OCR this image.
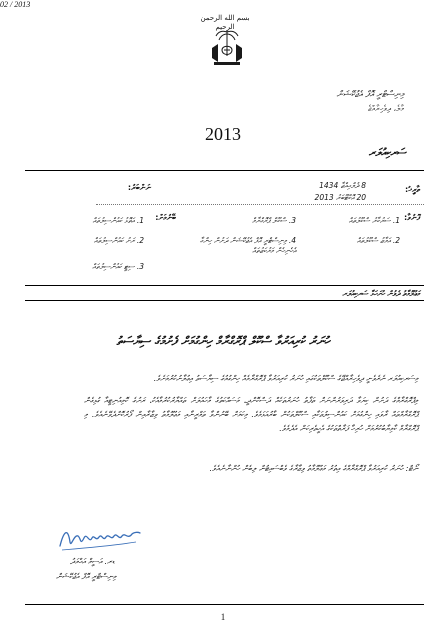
بسم الله الرحمن الرحيم
މިނިސްޓްރީ އޮފް އެޖުކޭޝަން
މާލެ، ދިވެހިރާއްޖެ
2013
ސަރކިއުލަރ
ތާރީޚު:
8 ޛުލްޙިއްޖާ 1434
20 އޮކްޓޫބަރު 2013
ނަންބަރު:
02 / 2013
ފޮނުވާ:
1. ސަރުކާރު ސްކޫލުތައް
2. އަމާޒު ސްކޫލުތައް
3. ސްކޫލް ޕްރޮގްރާމް
4. މިނިސްޓްރީ އޮފް އެޖުކޭޝަން ދަށުން ހިންގާ އެހެނިހެން މަރުކަޒުތައް
ބޭނުމަށް:
1. އަތޮޅު ކައުންސިލުތައް
2. ރަށު ކައުންސިލުތައް
3. ސިޓީ ކައުންސިލުތައް
މަޢުލޫމާތު ދެވުން ހުށަހަޅާ ސަރކިއުލަރ
ހުނަރު ކުރިއަރުވާ ސްކޫލް ޕްރޮގްރާމް ހިންގުމަށް ފެށުމުގެ ސިޔާސަތު
މިސަރކިއުލަރ ނެރެވެނީ ދިވެހިރާއްޖޭގެ ސްކޫލްތަކުގައި ހުނަރު ކުރިއަރުވާ ޕްރޮގްރާމެއް ހިންގުމުގެ ސިޔާސަތު އިޢުލާނުކުރުމަށެވެ.
މިޕްރޮގްރާމްގެ ދަށުން ކިޔަވާ ދަރިވަރުންނަށް ތަފާތު ހުނަރުތަކެއް ދަސްކޮށްދީ، މަސައްކަތުގެ މާހައުލަށް ތައްޔާރުކުރުމާއެކު، ރަށުގެ ކޮމިއުނިޓީއާ ގުޅިގެން ޕްރޮގްރާމްތައް ރާވައި ހިންގުމަށް ކައުންސިލުތަކާއި ސްކޫލްތަކުން ބާރުއަޅަމެވެ. މިކަމަށް ބޭނުންވާ ތަމްރީނާއި މަޢުލޫމާތު ވިޒާރާއިން ފޯރުކޮށްދެވޭނެއެވެ. މި ޕްރޮގްރާމް ކާމިޔާބުކުރުމަށް ހުރިހާ ފަރާތްތަކުގެ އެހީތެރިކަން އެދެމެވެ.
ނޯޓް: ހުނަރު ކުރިއަރުވާ ޕްރޮގްރާމްގެ އިތުރު މަޢުލޫމާތު ވިޒާރާގެ ވެބްސައިޓުން ލިބެން ހުންނާނެއެވެ.
ޑރ. އަސީމް އަޙްމަދު
މިނިސްޓްރީ އޮފް އެޖުކޭޝަން
1
